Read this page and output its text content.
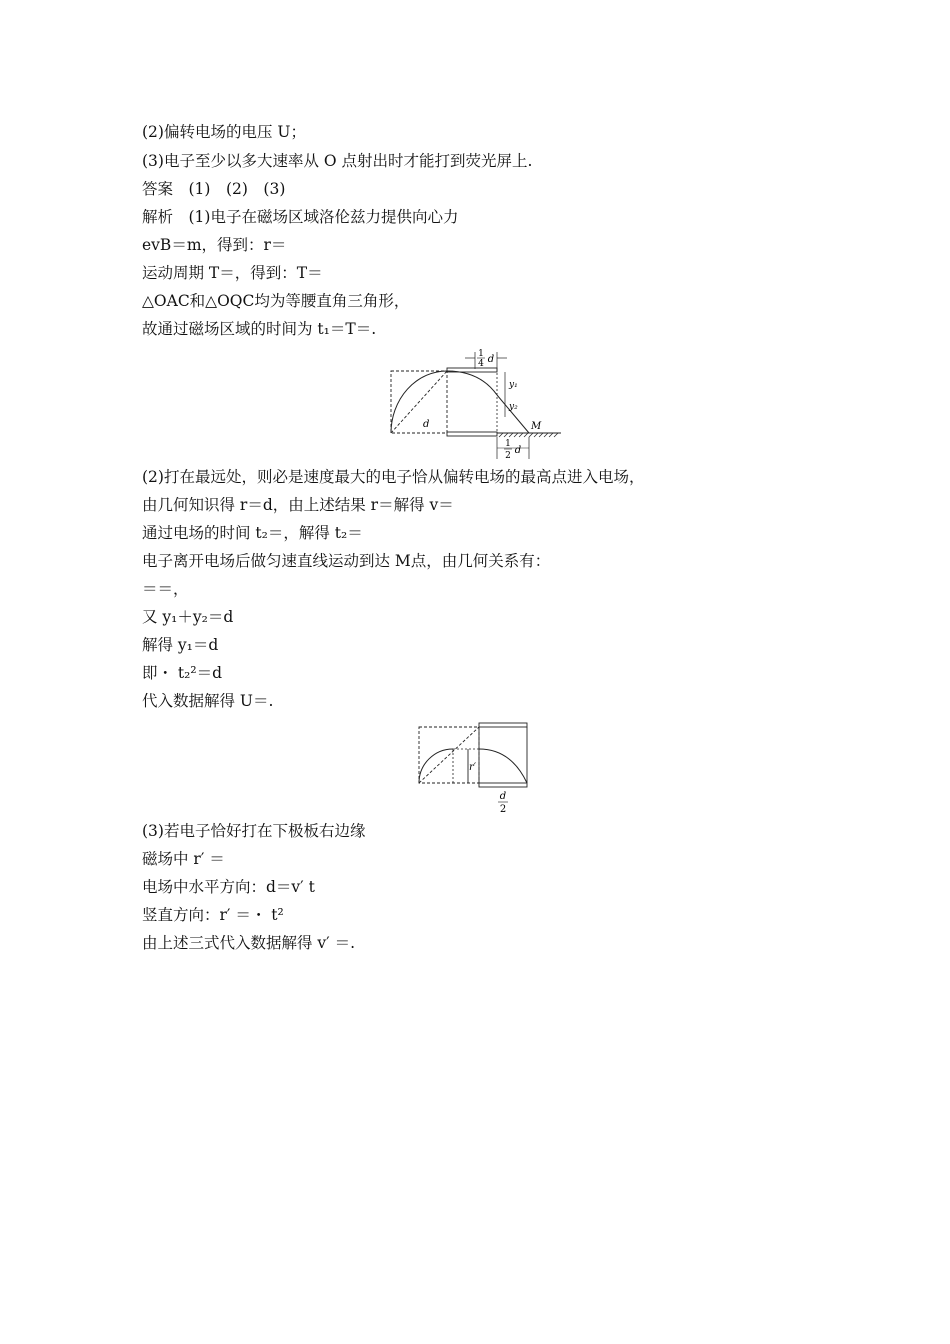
(2)偏转电场的电压 U；
(3)电子至少以多大速率从 O 点射出时才能打到荧光屏上.
答案　(1)　(2)　(3)
解析　(1)电子在磁场区域洛伦兹力提供向心力
evB＝m，得到：r＝
运动周期 T＝，得到：T＝
△OAC和△OQC均为等腰直角三角形，
故通过磁场区域的时间为 t₁＝T＝.
1
4 d
y₁
y₂
d	M
1
2 d
(2)打在最远处，则必是速度最大的电子恰从偏转电场的最高点进入电场，
由几何知识得 r＝d，由上述结果 r＝解得 v＝
通过电场的时间 t₂＝，解得 t₂＝
电子离开电场后做匀速直线运动到达 M点，由几何关系有：
＝＝，
又 y₁＋y₂＝d
解得 y₁＝d
即・ t₂²＝d
代入数据解得 U＝.
r′
d
2
(3)若电子恰好打在下极板右边缘
磁场中 r′ ＝
电场中水平方向：d＝v′ t
竖直方向：r′ ＝・ t²
由上述三式代入数据解得 v′ ＝.
